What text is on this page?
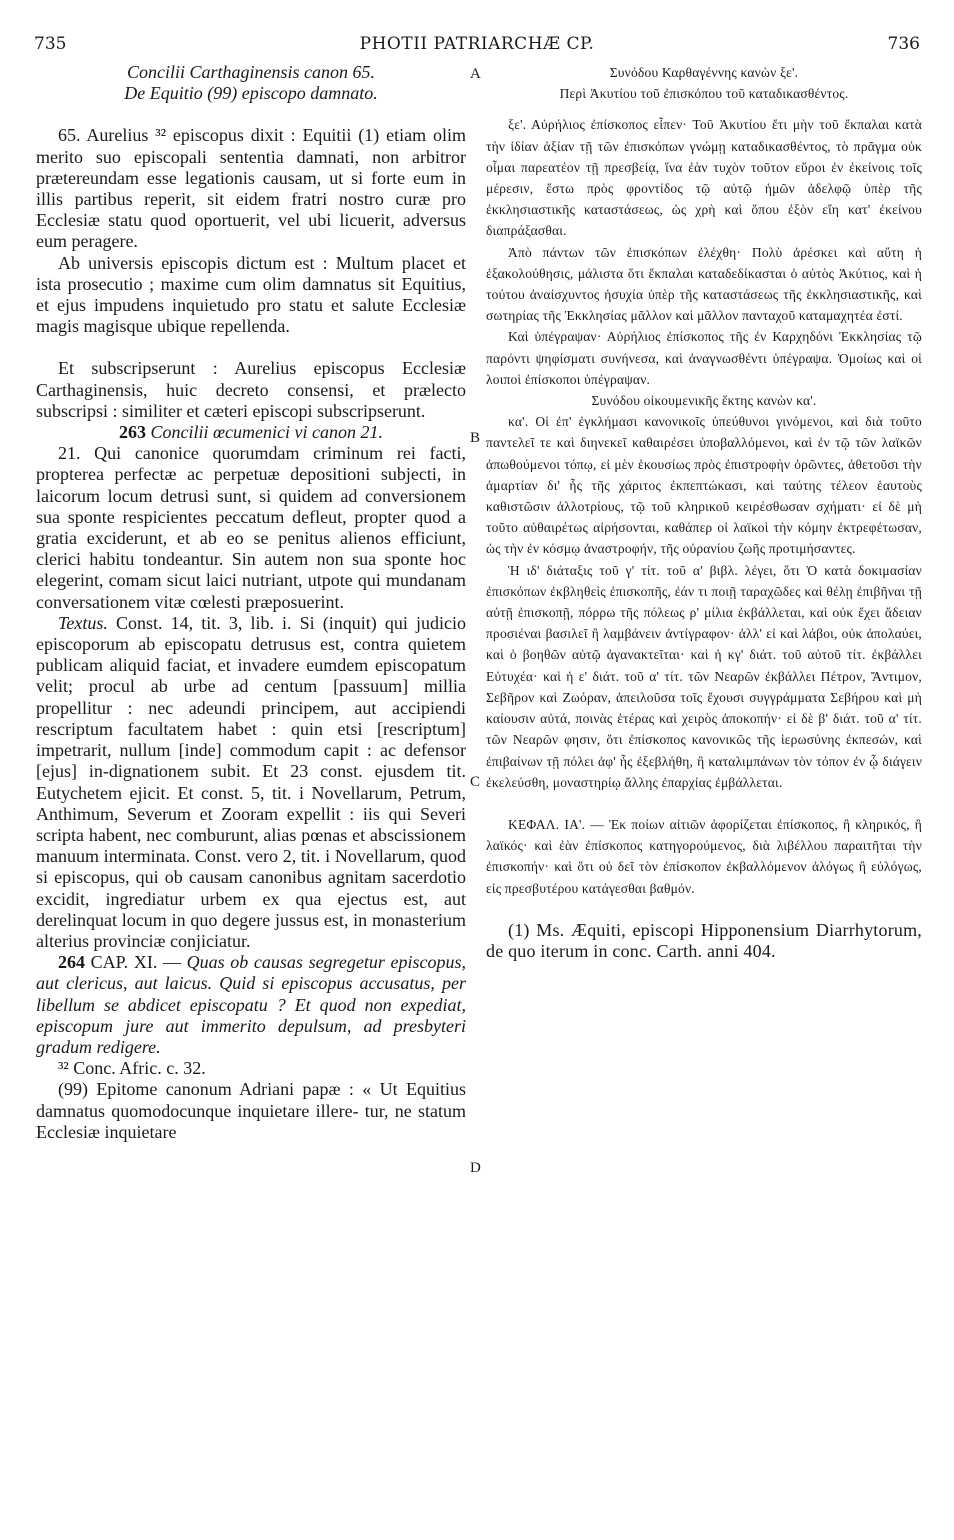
PHOTII PATRIARCHÆ CP.
735	736
A
B
C
D

Concilii Carthaginensis canon 65.

De Equitio (99) episcopo damnato.

65. Aurelius ³² episcopus dixit : Equitii (1) etiam olim merito suo episcopali sententia damnati, non arbitror prætereundam esse legationis causam, ut si forte eum in illis partibus reperit, sit eidem fratri nostro curæ pro Ecclesiæ statu quod oportuerit, vel ubi licuerit, adversus eum peragere.

Ab universis episcopis dictum est : Multum placet et ista prosecutio ; maxime cum olim damnatus sit Equitius, et ejus impudens inquietudo pro statu et salute Ecclesiæ magis magisque ubique repellenda.

Et subscripserunt : Aurelius episcopus Ecclesiæ Carthaginensis, huic decreto consensi, et prælecto subscripsi : similiter et cæteri episcopi subscripserunt.

263 Concilii œcumenici vi canon 21.

21. Qui canonice quorumdam criminum rei facti, propterea perfectæ ac perpetuæ depositioni subjecti, in laicorum locum detrusi sunt, si quidem ad conversionem sua sponte respicientes peccatum defleut, propter quod a gratia exciderunt, et ab eo se penitus alienos efficiunt, clerici habitu tondeantur. Sin autem non sua sponte hoc elegerint, comam sicut laici nutriant, utpote qui mundanam conversationem vitæ cœlesti præposuerint.

Textus. Const. 14, tit. 3, lib. i. Si (inquit) qui judicio episcoporum ab episcopatu detrusus est, contra quietem publicam aliquid faciat, et invadere eumdem episcopatum velit; procul ab urbe ad centum [passuum] millia propellitur : nec adeundi principem, aut accipiendi rescriptum facultatem habet : quin etsi [rescriptum] impetrarit, nullum [inde] commodum capit : ac defensor [ejus] in-dignationem subit. Et 23 const. ejusdem tit. Eutychetem ejicit. Et const. 5, tit. i Novellarum, Petrum, Anthimum, Severum et Zooram expellit : iis qui Severi scripta habent, nec comburunt, alias pœnas et abscissionem manuum interminata. Const. vero 2, tit. i Novellarum, quod si episcopus, qui ob causam canonibus agnitam sacerdotio excidit, ingrediatur urbem ex qua ejectus est, aut derelinquat locum in quo degere jussus est, in monasterium alterius provinciæ conjiciatur.

264 CAP. XI. — Quas ob causas segregetur episcopus, aut clericus, aut laicus. Quid si episcopus accusatus, per libellum se abdicet episcopatu ? Et quod non expediat, episcopum jure aut immerito depulsum, ad presbyteri gradum redigere.

³² Conc. Afric. c. 32.

(99) Epitome canonum Adriani papæ : « Ut Equitius damnatus quomodocunque inquietare illere- tur, ne statum Ecclesiæ inquietare

Συνόδου Καρθαγέννης κανὼν ξε'.

Περὶ Ἀκυτίου τοῦ ἐπισκόπου τοῦ καταδικασθέντος.

ξε'. Αὐρήλιος ἐπίσκοπος εἶπεν· Τοῦ Ἀκυτίου ἔτι μὴν τοῦ ἔκπαλαι κατὰ τὴν ἰδίαν ἀξίαν τῇ τῶν ἐπισκόπων γνώμῃ καταδικασθέντος, τὸ πρᾶγμα οὐκ οἶμαι παρεατέον τῇ πρεσβείᾳ, ἵνα ἐὰν τυχὸν τοῦτον εὕροι ἐν ἐκείνοις τοῖς μέρεσιν, ἔστω πρὸς φροντίδος τῷ αὐτῷ ἡμῶν ἀδελφῷ ὑπὲρ τῆς ἐκκλησιαστικῆς καταστάσεως, ὡς χρὴ καὶ ὅπου ἐξὸν εἴη κατ' ἐκείνου διαπράξασθαι.

Ἀπὸ πάντων τῶν ἐπισκόπων ἐλέχθη· Πολὺ ἀρέσκει καὶ αὕτη ἡ ἐξακολούθησις, μάλιστα ὅτι ἔκπαλαι καταδεδίκασται ὁ αὐτὸς Ἀκύτιος, καὶ ἡ τούτου ἀναίσχυντος ἡσυχία ὑπὲρ τῆς καταστάσεως τῆς ἐκκλησιαστικῆς, καὶ σωτηρίας τῆς Ἐκκλησίας μᾶλλον καὶ μᾶλλον πανταχοῦ καταμαχητέα ἐστί.

Καὶ ὑπέγραψαν· Αὐρήλιος ἐπίσκοπος τῆς ἐν Καρχηδόνι Ἐκκλησίας τῷ παρόντι ψηφίσματι συνήνεσα, καὶ ἀναγνωσθέντι ὑπέγραψα. Ὁμοίως καὶ οἱ λοιποὶ ἐπίσκοποι ὑπέγραψαν.

Συνόδου οἰκουμενικῆς ἕκτης κανὼν κα'.

κα'. Οἱ ἐπ' ἐγκλήμασι κανονικοῖς ὑπεύθυνοι γινόμενοι, καὶ διὰ τοῦτο παντελεῖ τε καὶ διηνεκεῖ καθαιρέσει ὑποβαλλόμενοι, καὶ ἐν τῷ τῶν λαϊκῶν ἀπωθούμενοι τόπῳ, εἰ μὲν ἑκουσίως πρὸς ἐπιστροφὴν ὁρῶντες, ἀθετοῦσι τὴν ἁμαρτίαν δι' ἧς τῆς χάριτος ἐκπεπτώκασι, καὶ ταύτης τέλεον ἑαυτοὺς καθιστῶσιν ἀλλοτρίους, τῷ τοῦ κληρικοῦ κειρέσθωσαν σχήματι· εἰ δὲ μὴ τοῦτο αὐθαιρέτως αἱρήσονται, καθάπερ οἱ λαϊκοὶ τὴν κόμην ἐκτρεφέτωσαν, ὡς τὴν ἐν κόσμῳ ἀναστροφήν, τῆς οὐρανίου ζωῆς προτιμήσαντες.

Ἡ ιδ' διάταξις τοῦ γ' τίτ. τοῦ α' βιβλ. λέγει, ὅτι Ὁ κατὰ δοκιμασίαν ἐπισκόπων ἐκβληθεὶς ἐπισκοπῆς, ἐάν τι ποιῇ ταραχῶδες καὶ θέλῃ ἐπιβῆναι τῇ αὐτῇ ἐπισκοπῇ, πόρρω τῆς πόλεως ρ' μίλια ἐκβάλλεται, καὶ οὐκ ἔχει ἄδειαν προσιέναι βασιλεῖ ἢ λαμβάνειν ἀντίγραφον· ἀλλ' εἰ καὶ λάβοι, οὐκ ἀπολαύει, καὶ ὁ βοηθῶν αὐτῷ ἀγανακτεῖται· καὶ ἡ κγ' διάτ. τοῦ αὐτοῦ τίτ. ἐκβάλλει Εὐτυχέα· καὶ ἡ ε' διάτ. τοῦ α' τίτ. τῶν Νεαρῶν ἐκβάλλει Πέτρον, Ἄντιμον, Σεβῆρον καὶ Ζωόραν, ἀπειλοῦσα τοῖς ἔχουσι συγγράμματα Σεβήρου καὶ μὴ καίουσιν αὐτά, ποινὰς ἑτέρας καὶ χειρὸς ἀποκοπήν· εἰ δὲ β' διάτ. τοῦ α' τίτ. τῶν Νεαρῶν φησιν, ὅτι ἐπίσκοπος κανονικῶς τῆς ἱερωσύνης ἐκπεσών, καὶ ἐπιβαίνων τῇ πόλει ἀφ' ἧς ἐξεβλήθη, ἢ καταλιμπάνων τὸν τόπον ἐν ᾧ διάγειν ἐκελεύσθη, μοναστηρίῳ ἄλλης ἐπαρχίας ἐμβάλλεται.

ΚΕΦΑΛ. ΙΑ'. — Ἐκ ποίων αἰτιῶν ἀφορίζεται ἐπίσκοπος, ἢ κληρικός, ἢ λαϊκός· καὶ ἐὰν ἐπίσκοπος κατηγορούμενος, διὰ λιβέλλου παραιτῆται τὴν ἐπισκοπήν· καὶ ὅτι οὐ δεῖ τὸν ἐπίσκοπον ἐκβαλλόμενον ἀλόγως ἢ εὐλόγως, εἰς πρεσβυτέρου κατάγεσθαι βαθμόν.

(1) Ms. Æquiti, episcopi Hipponensium Diarrhytorum, de quo iterum in conc. Carth. anni 404.
